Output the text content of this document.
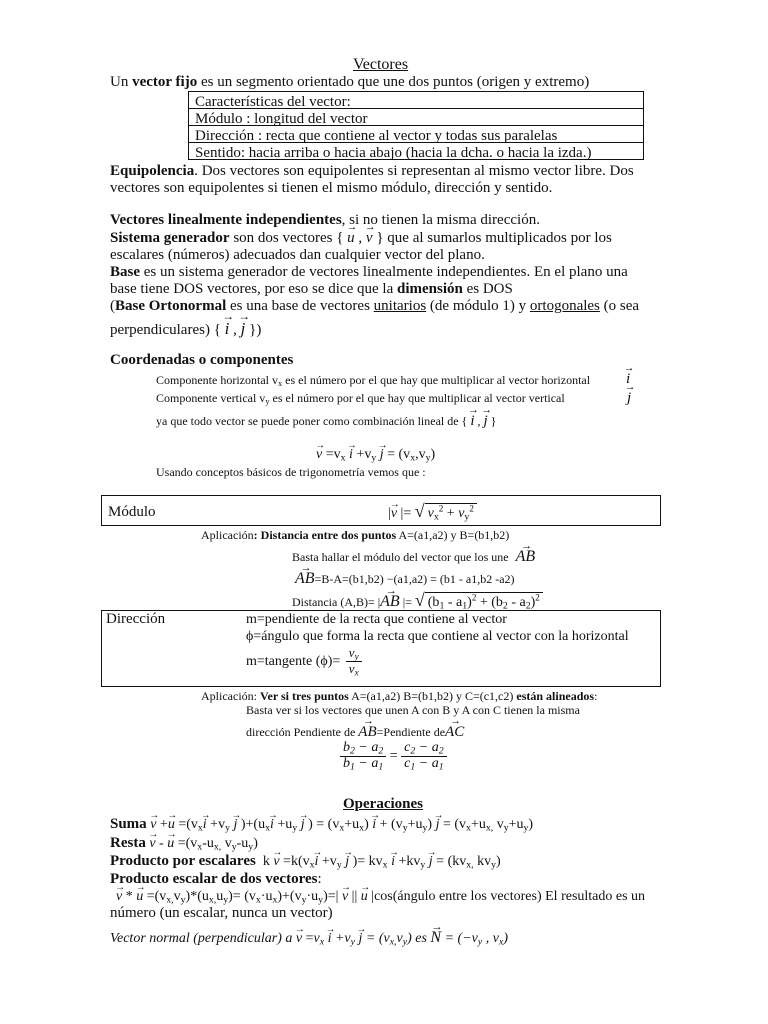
Vectores
Un vector fijo es un segmento orientado que une dos puntos (origen y extremo)
Características del vector:
Módulo : longitud del vector
Dirección : recta que contiene al vector y todas sus paralelas
Sentido: hacia arriba o hacia abajo (hacia la dcha. o hacia la izda.)
Equipolencia. Dos vectores son equipolentes si representan al mismo vector libre. Dos
vectores son equipolentes si tienen el mismo módulo, dirección y sentido.
Vectores linealmente independientes, si no tienen la misma dirección.
Sistema generador son dos vectores { u → , v → } que al sumarlos multiplicados por los
escalares (números) adecuados dan cualquier vector del plano.
Base es un sistema generador de vectores linealmente independientes. En el plano una
base tiene DOS vectores, por eso se dice que la dimensión es DOS
(Base Ortonormal es una base de vectores unitarios (de módulo 1) y ortogonales (o sea
perpendiculares) { i → , j → })
Coordenadas o componentes
Componente horizontal $v_x$ es el número por el que hay que multiplicar al vector horizontal i →
Componente vertical $v_y$ es el número por el que hay que multiplicar al vector vertical	j →
ya que todo vector se puede poner como combinación lineal de { i → , j → }
$v \to =v_x$ $i \to +v_y$ j → = $(v_x,v_y)$
Usando conceptos básicos de trigonometría vemos que :
Módulo	|v → |= √ $v_x^2 + v_y^2$
Aplicación: Distancia entre dos puntos A=(a1,a2) y B=(b1,b2)
Basta hallar el módulo del vector que los une AB →
AB →=B-A=(b1,b2) −(a1,a2) = (b1 - a1,b2 -a2)
Distancia (A,B)= |AB → |= √ $(b_1 - a_1)^2 + (b_2 - a_2)^2$
Dirección	m=pendiente de la recta que contiene al vector
ϕ=ángulo que forma la recta que contiene al vector con la horizontal
m=tangente $(\phi)= \frac{v_y}{v_x}$
Aplicación: Ver si tres puntos A=(a1,a2) B=(b1,b2) y C=(c1,c2) están alineados:
Basta ver si los vectores que unen A con B y A con C tienen la misma
dirección Pendiente de AB →=Pendiente deAC →
$\frac{b_2 - a_2}{b_1 - a_1} = \frac{c_2 - a_2}{c_1 - a_1}$
Operaciones
Suma $v \to +u \to =(v_xi \to +v_y$ $j \to )+(u_xi \to +u_y$ j → ) = $(v_x+u_x) i$ → + $(v_y+u_y) j$ → = ($v_x+u_{x,}$ $v_y+u_y$)
Resta v → - $u \to =(v_x-u_{x,}$ $v_y-u_y$)
Producto por escalares  k $v \to =k(v_xi \to +v_y$ j → )= $kv_x$ $i \to +kv_y$ j → = ($kv_{x,}$ $kv_y$)
Producto escalar de dos vectores:
v → * $u \to =(v_{x,}v_y)*(u_{x,}u_y)= (v_x\cdot u_x)+(v_y\cdot u_y)=|$ v → || u → |cos(ángulo entre los vectores) El resultado es un
número (un escalar, nunca un vector)
Vector normal (perpendicular) a $v \to =v_x$ $i \to +v_y$ j → = $(v_{x,}v_y)$ es N → = ($-v_y$ , $v_x$)
